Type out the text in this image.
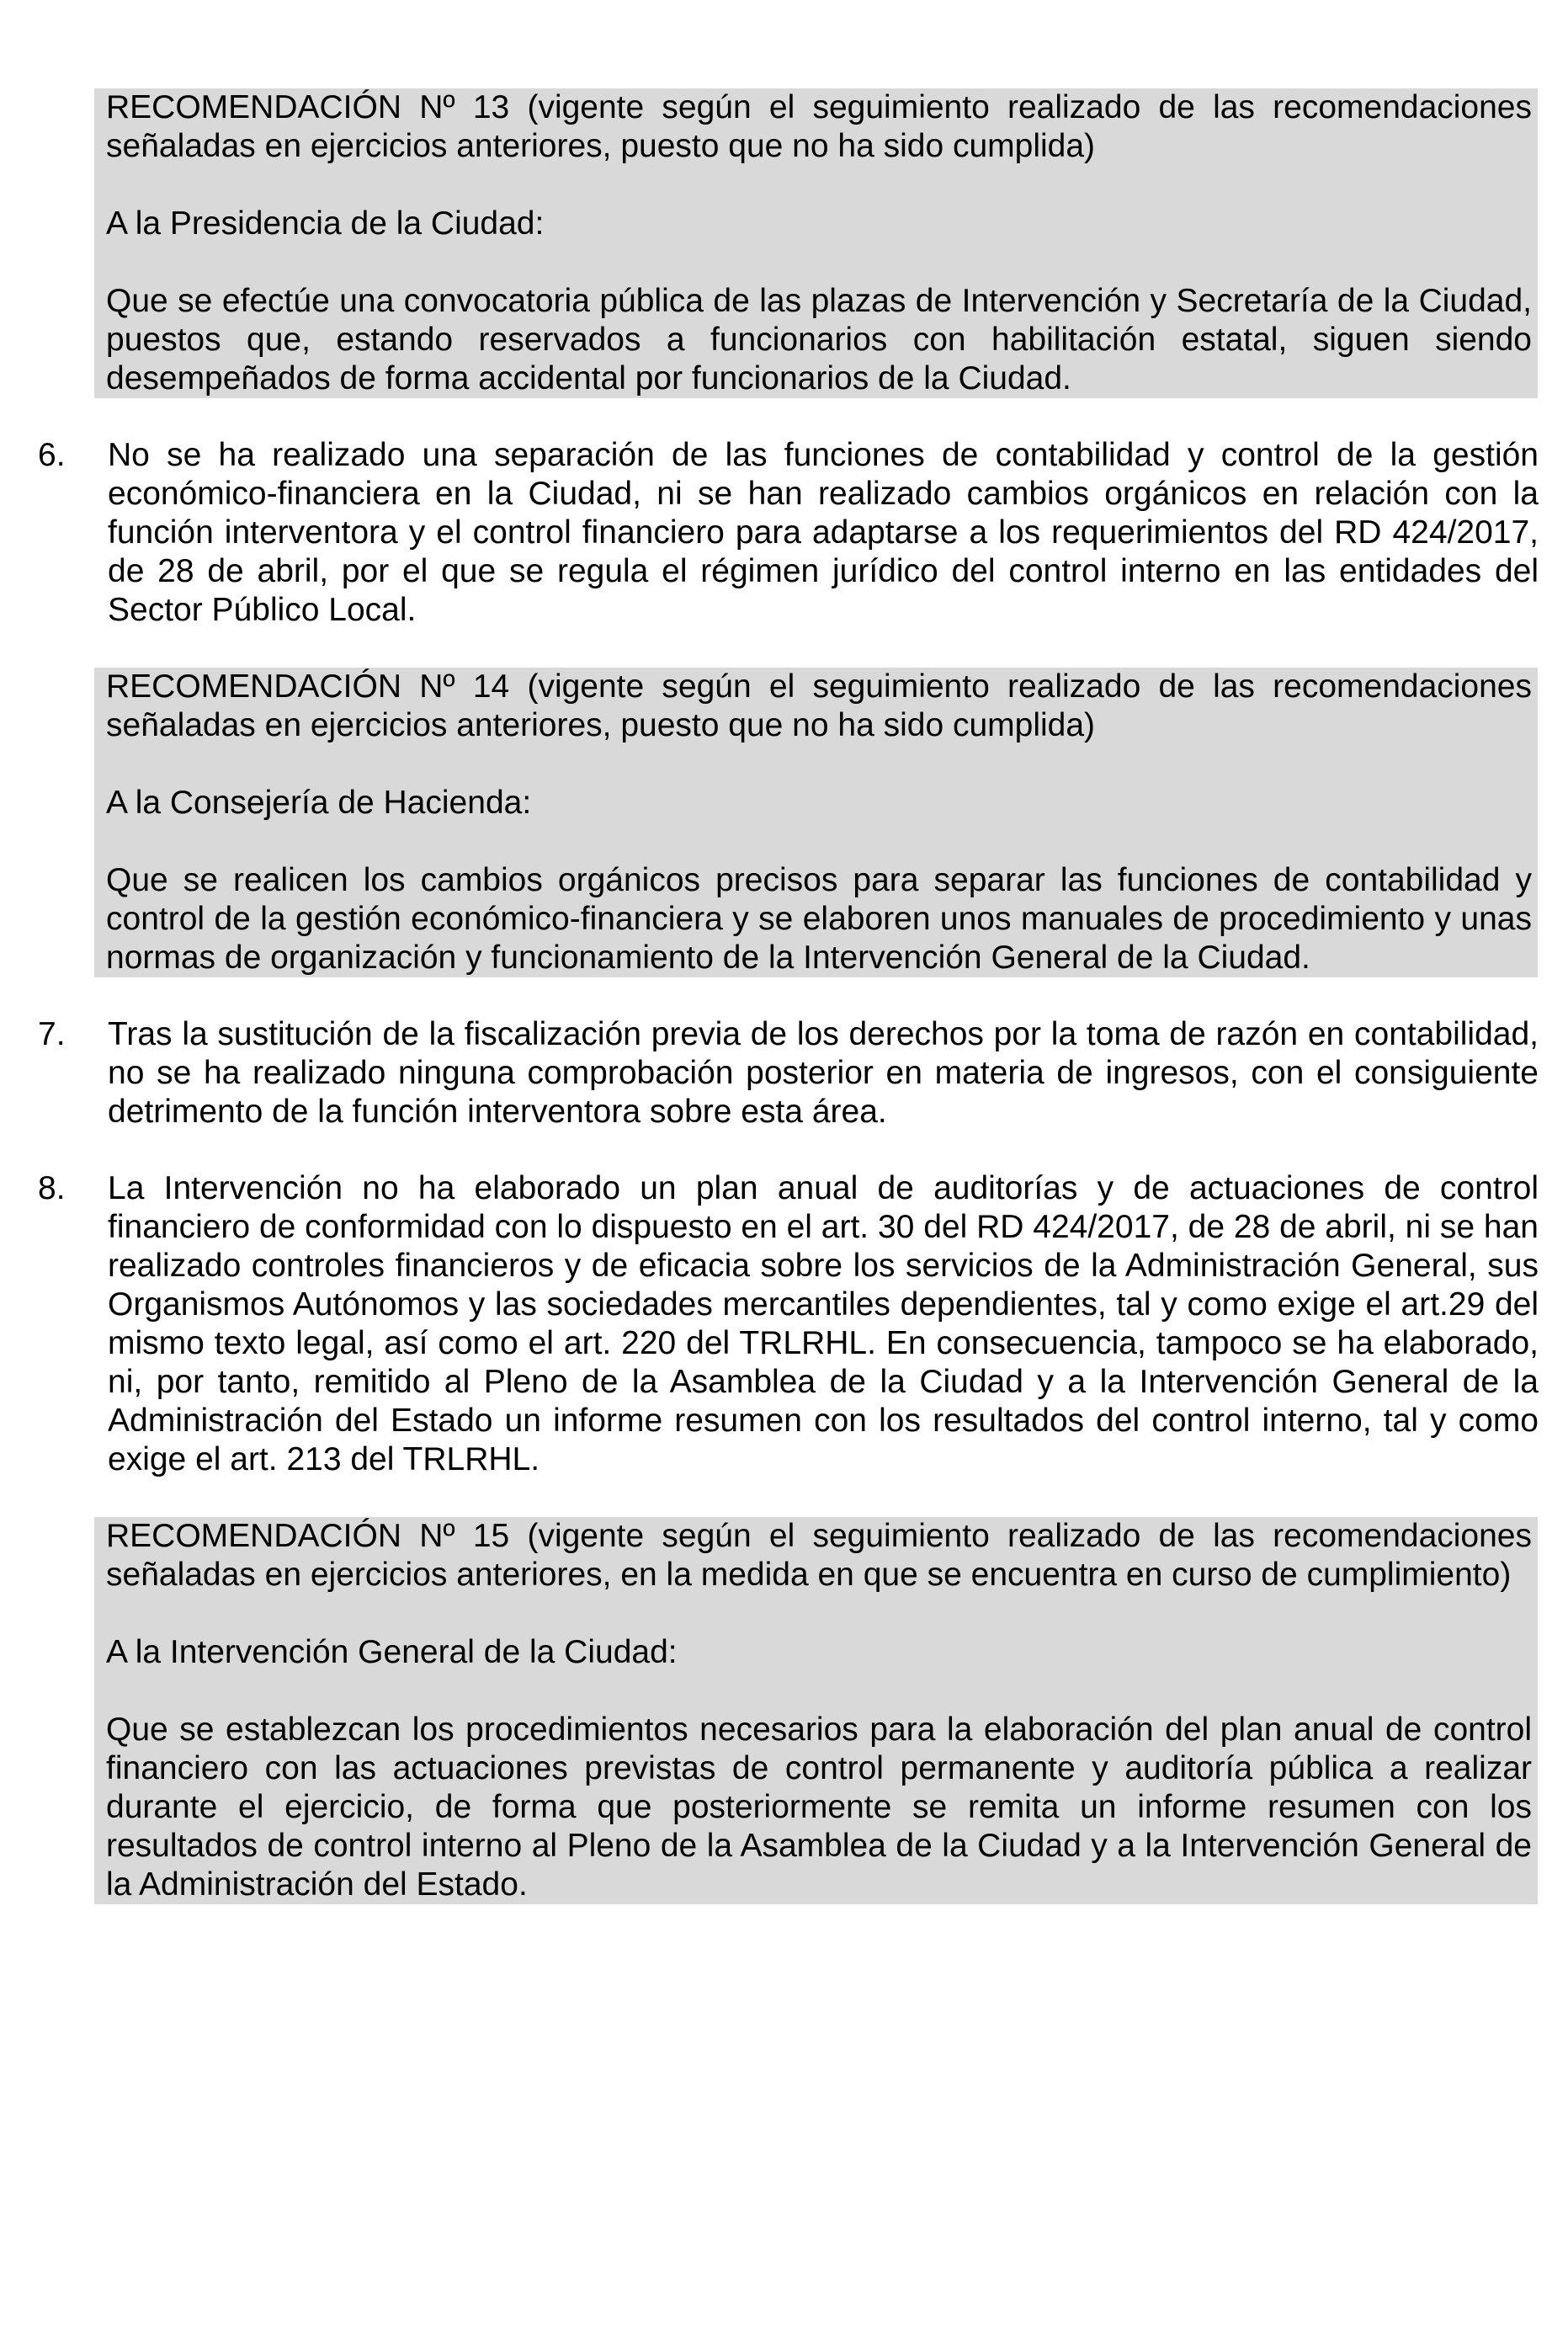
RECOMENDACIÓN Nº 13 (vigente según el seguimiento realizado de las recomendaciones señaladas en ejercicios anteriores, puesto que no ha sido cumplida)

A la Presidencia de la Ciudad:

Que se efectúe una convocatoria pública de las plazas de Intervención y Secretaría de la Ciudad, puestos que, estando reservados a funcionarios con habilitación estatal, siguen siendo desempeñados de forma accidental por funcionarios de la Ciudad.

6.	No se ha realizado una separación de las funciones de contabilidad y control de la gestión económico-financiera en la Ciudad, ni se han realizado cambios orgánicos en relación con la función interventora y el control financiero para adaptarse a los requerimientos del RD 424/2017, de 28 de abril, por el que se regula el régimen jurídico del control interno en las entidades del Sector Público Local.

RECOMENDACIÓN Nº 14 (vigente según el seguimiento realizado de las recomendaciones señaladas en ejercicios anteriores, puesto que no ha sido cumplida)

A la Consejería de Hacienda:

Que se realicen los cambios orgánicos precisos para separar las funciones de contabilidad y control de la gestión económico-financiera y se elaboren unos manuales de procedimiento y unas normas de organización y funcionamiento de la Intervención General de la Ciudad.

7.	Tras la sustitución de la fiscalización previa de los derechos por la toma de razón en contabilidad, no se ha realizado ninguna comprobación posterior en materia de ingresos, con el consiguiente detrimento de la función interventora sobre esta área.
8.	La Intervención no ha elaborado un plan anual de auditorías y de actuaciones de control financiero de conformidad con lo dispuesto en el art. 30 del RD 424/2017, de 28 de abril, ni se han realizado controles financieros y de eficacia sobre los servicios de la Administración General, sus Organismos Autónomos y las sociedades mercantiles dependientes, tal y como exige el art.29 del mismo texto legal, así como el art. 220 del TRLRHL. En consecuencia, tampoco se ha elaborado, ni, por tanto, remitido al Pleno de la Asamblea de la Ciudad y a la Intervención General de la Administración del Estado un informe resumen con los resultados del control interno, tal y como exige el art. 213 del TRLRHL.

RECOMENDACIÓN Nº 15 (vigente según el seguimiento realizado de las recomendaciones señaladas en ejercicios anteriores, en la medida en que se encuentra en curso de cumplimiento)

A la Intervención General de la Ciudad:

Que se establezcan los procedimientos necesarios para la elaboración del plan anual de control financiero con las actuaciones previstas de control permanente y auditoría pública a realizar durante el ejercicio, de forma que posteriormente se remita un informe resumen con los resultados de control interno al Pleno de la Asamblea de la Ciudad y a la Intervención General de la Administración del Estado.
